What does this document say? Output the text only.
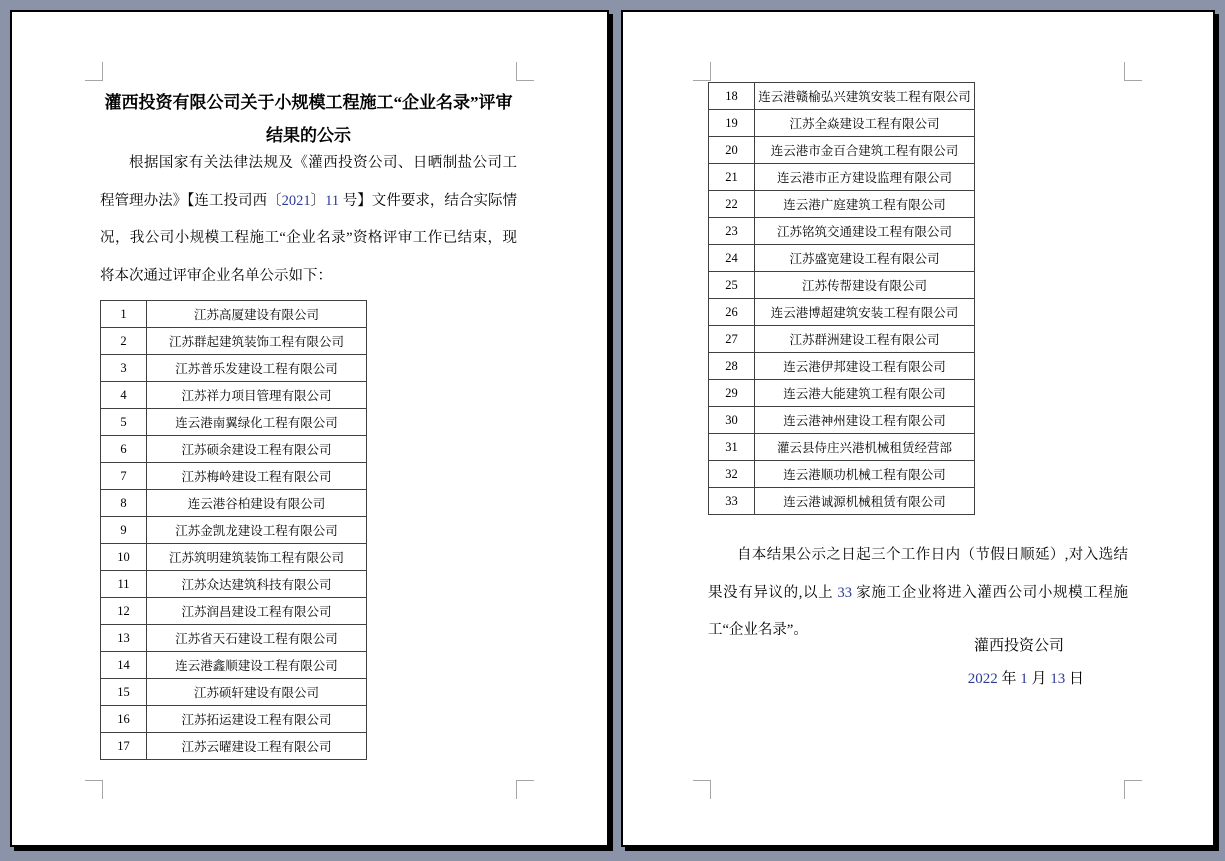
灌西投资有限公司关于小规模工程施工“企业名录”评审结果的公示
根据国家有关法律法规及《灌西投资公司、日晒制盐公司工程管理办法》【连工投司西〔2021〕11 号】文件要求，结合实际情况，我公司小规模工程施工“企业名录”资格评审工作已结束，现将本次通过评审企业名单公示如下：
1	江苏高厦建设有限公司
2	江苏群起建筑装饰工程有限公司
3	江苏普乐发建设工程有限公司
4	江苏祥力项目管理有限公司
5	连云港南翼绿化工程有限公司
6	江苏硕余建设工程有限公司
7	江苏梅岭建设工程有限公司
8	连云港谷柏建设有限公司
9	江苏金凯龙建设工程有限公司
10	江苏筑明建筑装饰工程有限公司
11	江苏众达建筑科技有限公司
12	江苏润昌建设工程有限公司
13	江苏省天石建设工程有限公司
14	连云港鑫顺建设工程有限公司
15	江苏硕轩建设有限公司
16	江苏拓运建设工程有限公司
17	江苏云曜建设工程有限公司
18	连云港赣榆弘兴建筑安装工程有限公司
19	江苏全焱建设工程有限公司
20	连云港市金百合建筑工程有限公司
21	连云港市正方建设监理有限公司
22	连云港广庭建筑工程有限公司
23	江苏铭筑交通建设工程有限公司
24	江苏盛宽建设工程有限公司
25	江苏传帮建设有限公司
26	连云港博超建筑安装工程有限公司
27	江苏群洲建设工程有限公司
28	连云港伊邦建设工程有限公司
29	连云港大能建筑工程有限公司
30	连云港神州建设工程有限公司
31	灌云县侍庄兴港机械租赁经营部
32	连云港顺功机械工程有限公司
33	连云港诚源机械租赁有限公司
自本结果公示之日起三个工作日内（节假日顺延）,对入选结果没有异议的,以上 33 家施工企业将进入灌西公司小规模工程施工“企业名录”。
灌西投资公司
2022 年 1 月 13 日
